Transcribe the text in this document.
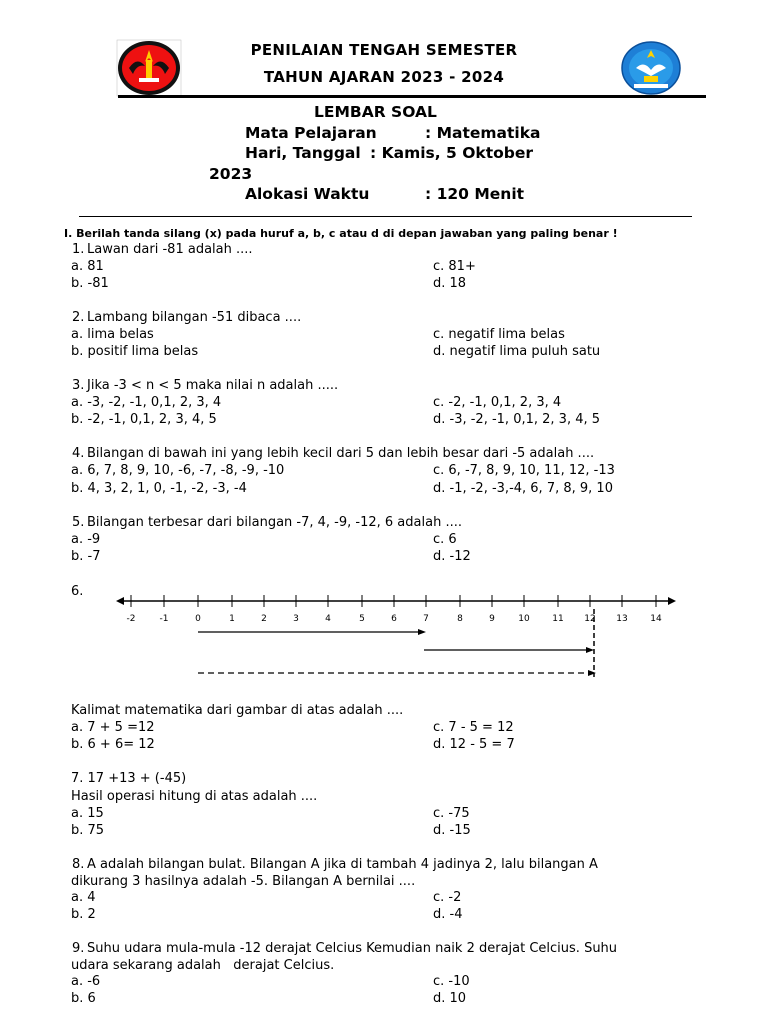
PENILAIAN TENGAH SEMESTER
TAHUN AJARAN 2023 - 2024
LEMBAR SOAL
Mata Pelajaran	: Matematika
Hari, Tanggal : Kamis, 5 Oktober
2023
Alokasi Waktu	: 120 Menit
I. Berilah tanda silang (x) pada huruf a, b, c atau d di depan jawaban yang paling benar !
1. Lawan dari -81 adalah ....
a. 81	c. 81+
b. -81	d. 18
2. Lambang bilangan -51 dibaca ....
a. lima belas	c. negatif lima belas
b. positif lima belas	d. negatif lima puluh satu
3. Jika -3 < n < 5 maka nilai n adalah .....
a. -3, -2, -1, 0,1, 2, 3, 4	c. -2, -1, 0,1, 2, 3, 4
b. -2, -1, 0,1, 2, 3, 4, 5	d. -3, -2, -1, 0,1, 2, 3, 4, 5
4. Bilangan di bawah ini yang lebih kecil dari 5 dan lebih besar dari -5 adalah ....
a. 6, 7, 8, 9, 10, -6, -7, -8, -9, -10	c. 6, -7, 8, 9, 10, 11, 12, -13
b. 4, 3, 2, 1, 0, -1, -2, -3, -4	d. -1, -2, -3,-4, 6, 7, 8, 9, 10
5. Bilangan terbesar dari bilangan -7, 4, -9, -12, 6 adalah ....
a. -9	c. 6
b. -7	d. -12
6.
-2	-1	0	1	2	3	4	5	6	7	8	9	10	11 12 13	14
Kalimat matematika dari gambar di atas adalah ....
a. 7 + 5 =12	c. 7 - 5 = 12
b. 6 + 6= 12	d. 12 - 5 = 7
7. 17 +13 + (-45)
Hasil operasi hitung di atas adalah ....
a. 15	c. -75
b. 75	d. -15
8. A adalah bilangan bulat. Bilangan A jika di tambah 4 jadinya 2, lalu bilangan A
dikurang 3 hasilnya adalah -5. Bilangan A bernilai ....
a. 4	c. -2
b. 2	d. -4
9. Suhu udara mula-mula -12 derajat Celcius Kemudian naik 2 derajat Celcius. Suhu
udara sekarang adalah   derajat Celcius.
a. -6	c. -10
b. 6	d. 10
